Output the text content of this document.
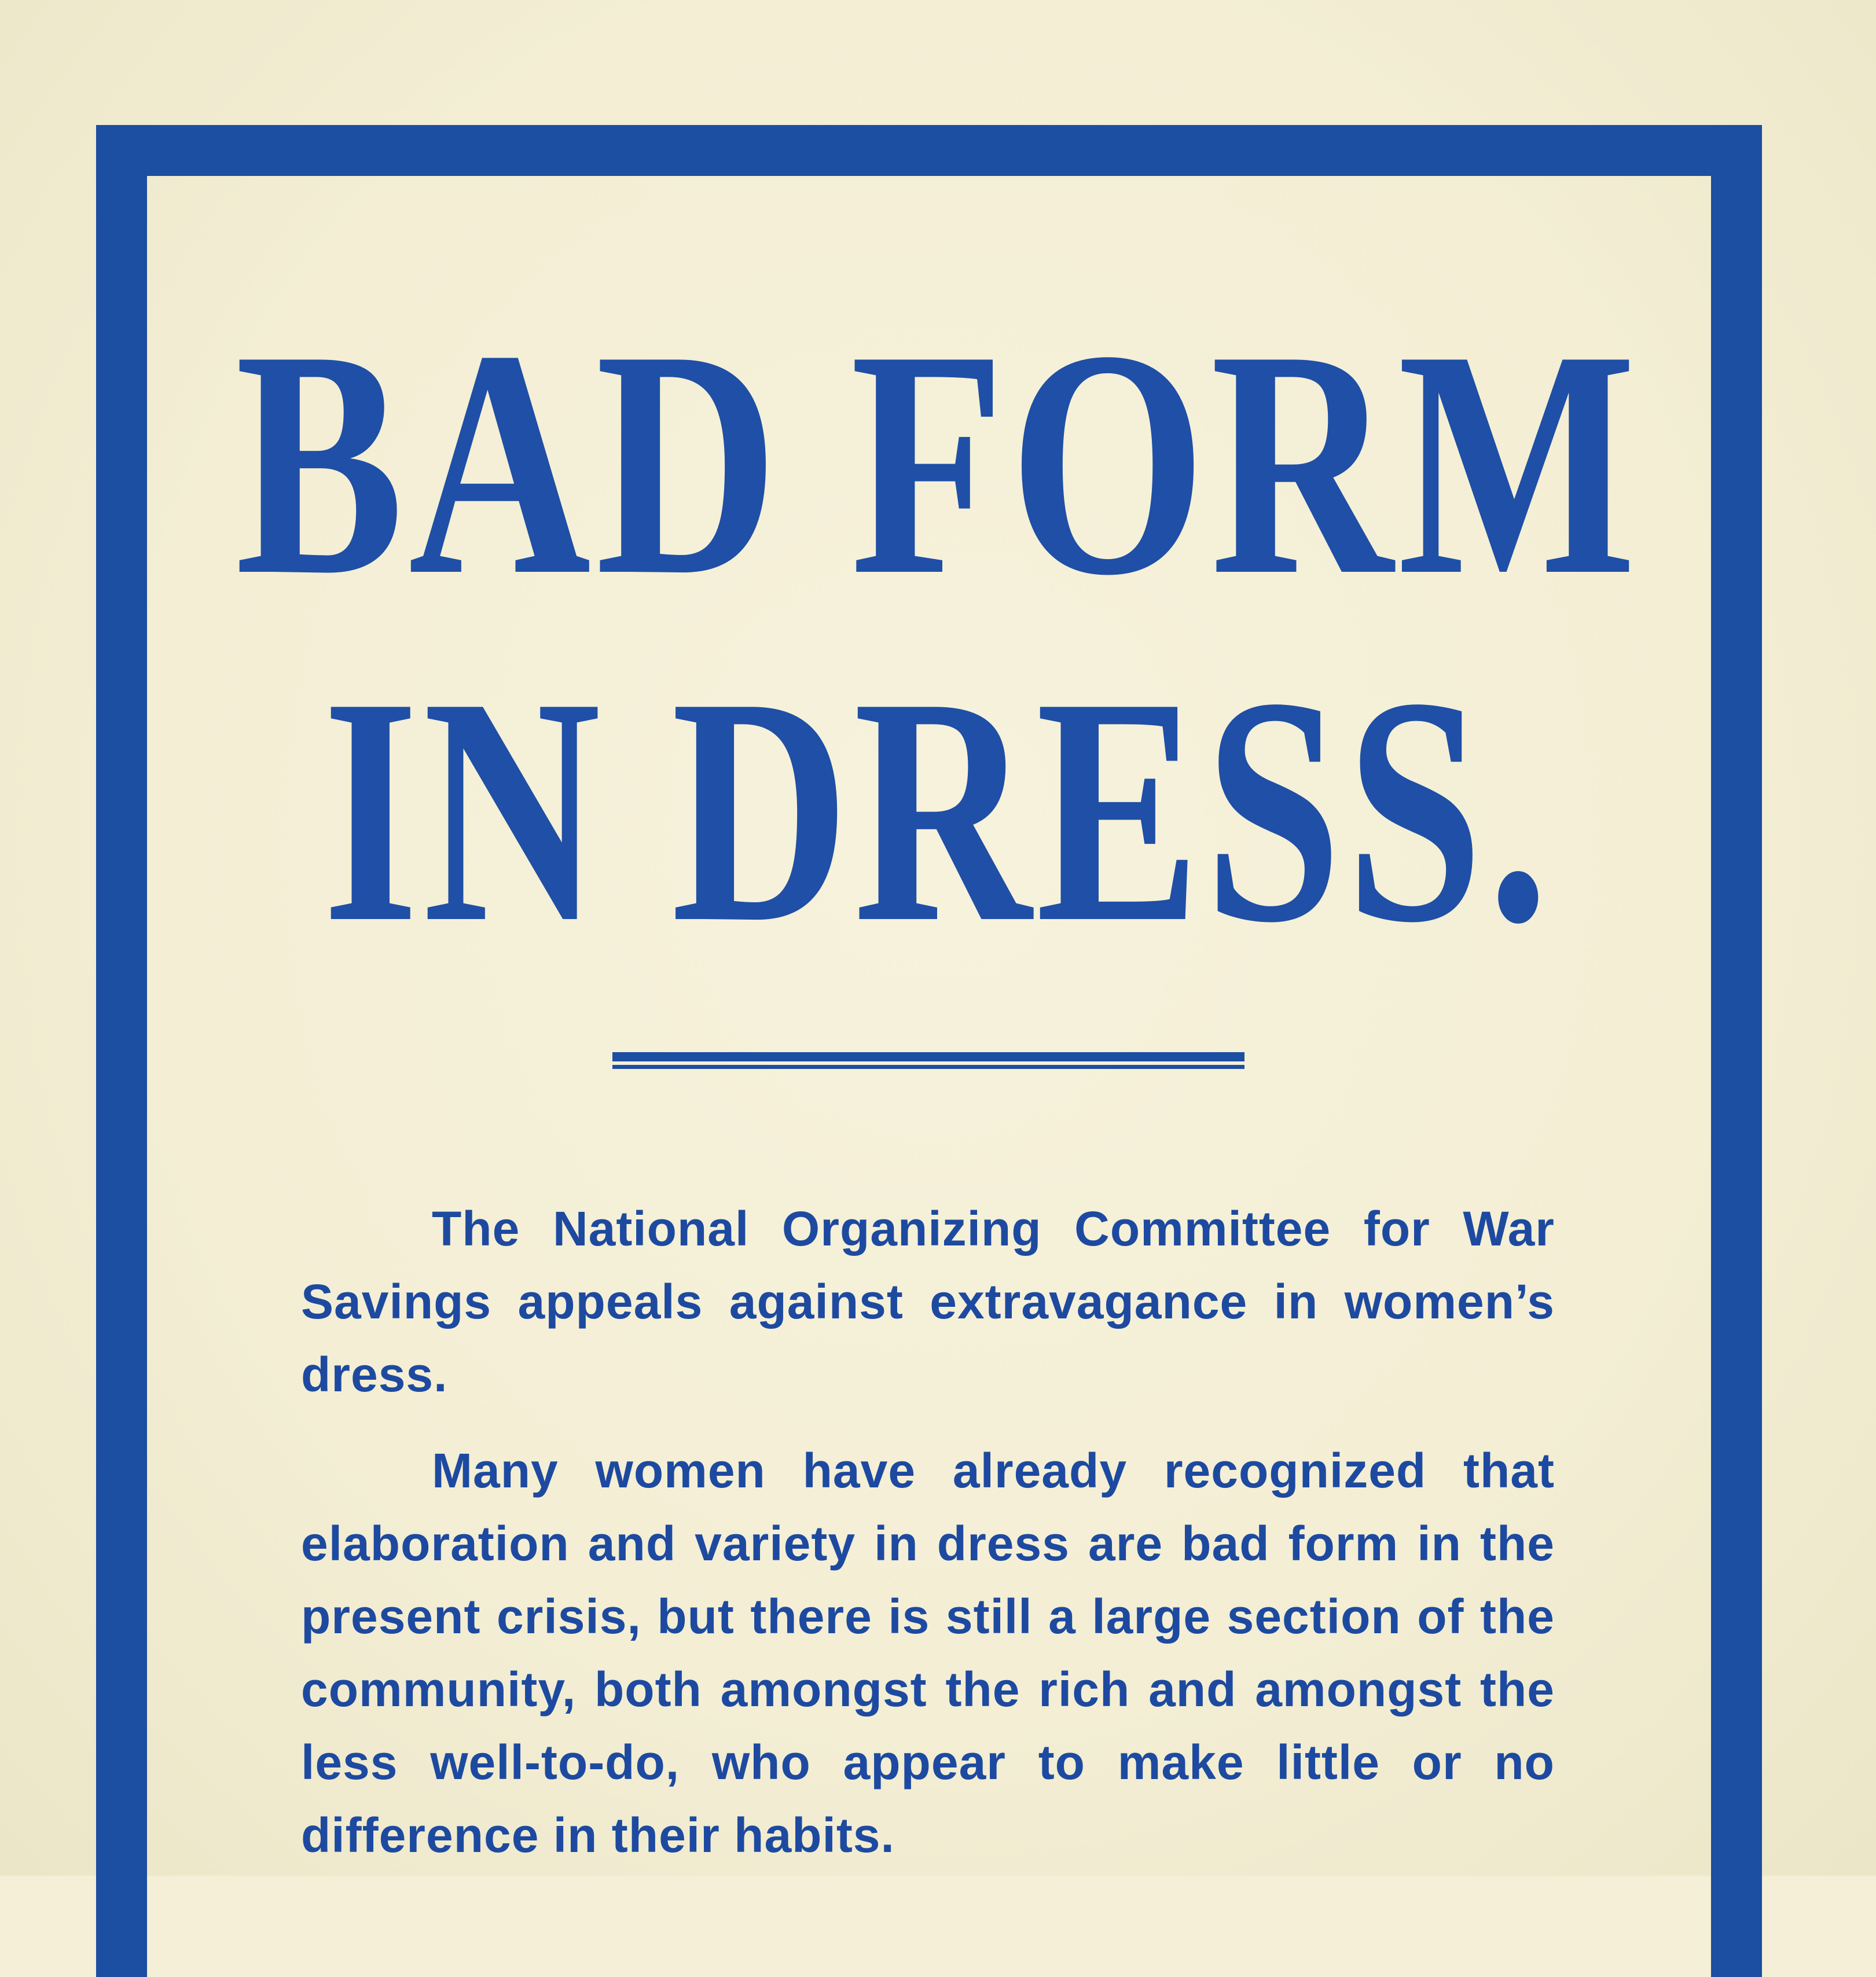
BAD FORM
IN DRESS.

The National Organizing Committee for War Savings appeals against extravagance in women’s dress.

Many women have already recognized that elaboration and variety in dress are bad form in the present crisis, but there is still a large section of the community, both amongst the rich and amongst the less well-to-do, who appear to make little or no difference in their habits.
